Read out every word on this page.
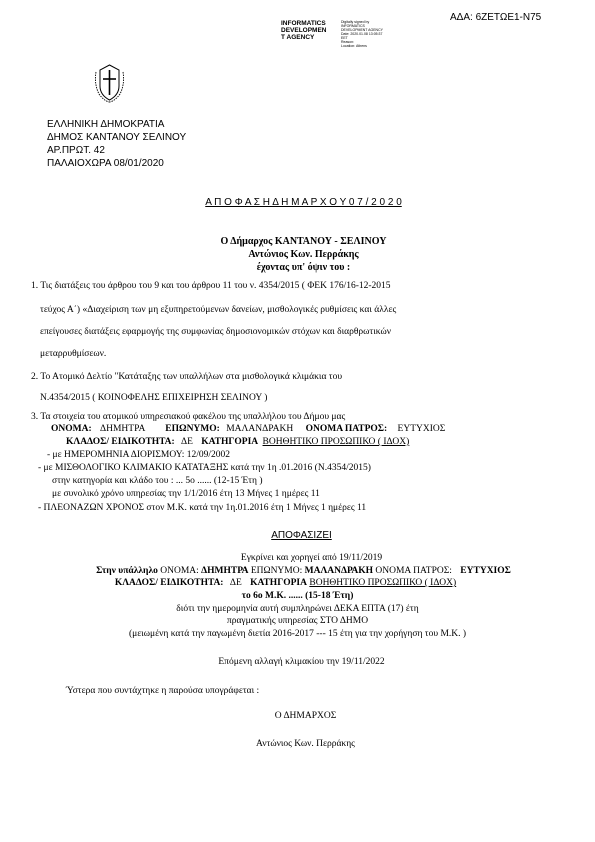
ΑΔΑ: 6ΖΕΤΩΕ1-Ν75
INFORMATICS
DEVELOPMEN
T AGENCY
Digitally signed by
INFORMATICS
DEVELOPMENT AGENCY
Date: 2020.01.08 13:05:37
EET
Reason:
Location: Athens
ΕΛΛΗΝΙΚΗ ΔΗΜΟΚΡΑΤΙΑ
ΔΗΜΟΣ ΚΑΝΤΑΝΟΥ ΣΕΛΙΝΟΥ
ΑΡ.ΠΡΩΤ. 42
ΠΑΛΑΙΟΧΩΡΑ 08/01/2020
Α Π Ο Φ Α Σ Η Δ Η Μ Α Ρ Χ Ο Υ 0 7 / 2 0 2 0
Ο Δήμαρχος ΚΑΝΤΑΝΟΥ - ΣΕΛΙΝΟΥ
Αντώνιος Κων. Περράκης
έχοντας υπ' όψιν του :
1. Τις διατάξεις του άρθρου του 9 και του άρθρου 11 του ν. 4354/2015 ( ΦΕΚ 176/16-12-2015
τεύχος Α΄) «Διαχείριση των μη εξυπηρετούμενων δανείων, μισθολογικές ρυθμίσεις και άλλες
επείγουσες διατάξεις εφαρμογής της συμφωνίας δημοσιονομικών στόχων και διαρθρωτικών
μεταρρυθμίσεων.
2. Το Ατομικό Δελτίο "Κατάταξης των υπαλλήλων στα μισθολογικά κλιμάκια του
Ν.4354/2015 ( ΚΟΙΝΟΦΕΛΗΣ ΕΠΙΧΕΙΡΗΣΗ ΣΕΛΙΝΟΥ )
3. Τα στοιχεία του ατομικού υπηρεσιακού φακέλου της υπαλλήλου του Δήμου μας
ΟΝΟΜΑ: ΔΗΜΗΤΡΑ ΕΠΩΝΥΜΟ: ΜΑΛΑΝΔΡΑΚΗ ΟΝΟΜΑ ΠΑΤΡΟΣ: ΕΥΤΥΧΙΟΣ
ΚΛΑΔΟΣ/ ΕΙΔΙΚΟΤΗΤΑ: ΔΕ ΚΑΤΗΓΟΡΙΑ ΒΟΗΘΗΤΙΚΟ ΠΡΟΣΩΠΙΚΟ ( ΙΔΟΧ)
- με ΗΜΕΡΟΜΗΝΙΑ ΔΙΟΡΙΣΜΟΥ: 12/09/2002
- με ΜΙΣΘΟΛΟΓΙΚΟ ΚΛΙΜΑΚΙΟ ΚΑΤΑΤΑΞΗΣ κατά την 1η .01.2016 (Ν.4354/2015)
στην κατηγορία και κλάδο του : ... 5ο ...... (12-15 Έτη )
με συνολικό χρόνο υπηρεσίας την 1/1/2016 έτη 13 Μήνες 1 ημέρες 11
- ΠΛΕΟΝΑΖΩΝ ΧΡΟΝΟΣ στον Μ.Κ. κατά την 1η.01.2016 έτη 1 Μήνες 1 ημέρες 11
ΑΠΟΦΑΣΙΖΕΙ
Εγκρίνει και χορηγεί από 19/11/2019
Στην υπάλληλο ΟΝΟΜΑ: ΔΗΜΗΤΡΑ ΕΠΩΝΥΜΟ: ΜΑΛΑΝΔΡΑΚΗ ΟΝΟΜΑ ΠΑΤΡΟΣ: ΕΥΤΥΧΙΟΣ
ΚΛΑΔΟΣ/ ΕΙΔΙΚΟΤΗΤΑ: ΔΕ ΚΑΤΗΓΟΡΙΑ ΒΟΗΘΗΤΙΚΟ ΠΡΟΣΩΠΙΚΟ ( ΙΔΟΧ)
το 6ο Μ.Κ. ...... (15-18 Έτη)
διότι την ημερομηνία αυτή συμπληρώνει ΔΕΚΑ ΕΠΤΑ (17) έτη
πραγματικής υπηρεσίας ΣΤΟ ΔΗΜΟ
(μειωμένη κατά την παγωμένη διετία 2016-2017 --- 15 έτη για την χορήγηση του Μ.Κ. )
Επόμενη αλλαγή κλιμακίου την 19/11/2022
Ύστερα που συντάχτηκε η παρούσα υπογράφεται :
Ο ΔΗΜΑΡΧΟΣ
Αντώνιος Κων. Περράκης
